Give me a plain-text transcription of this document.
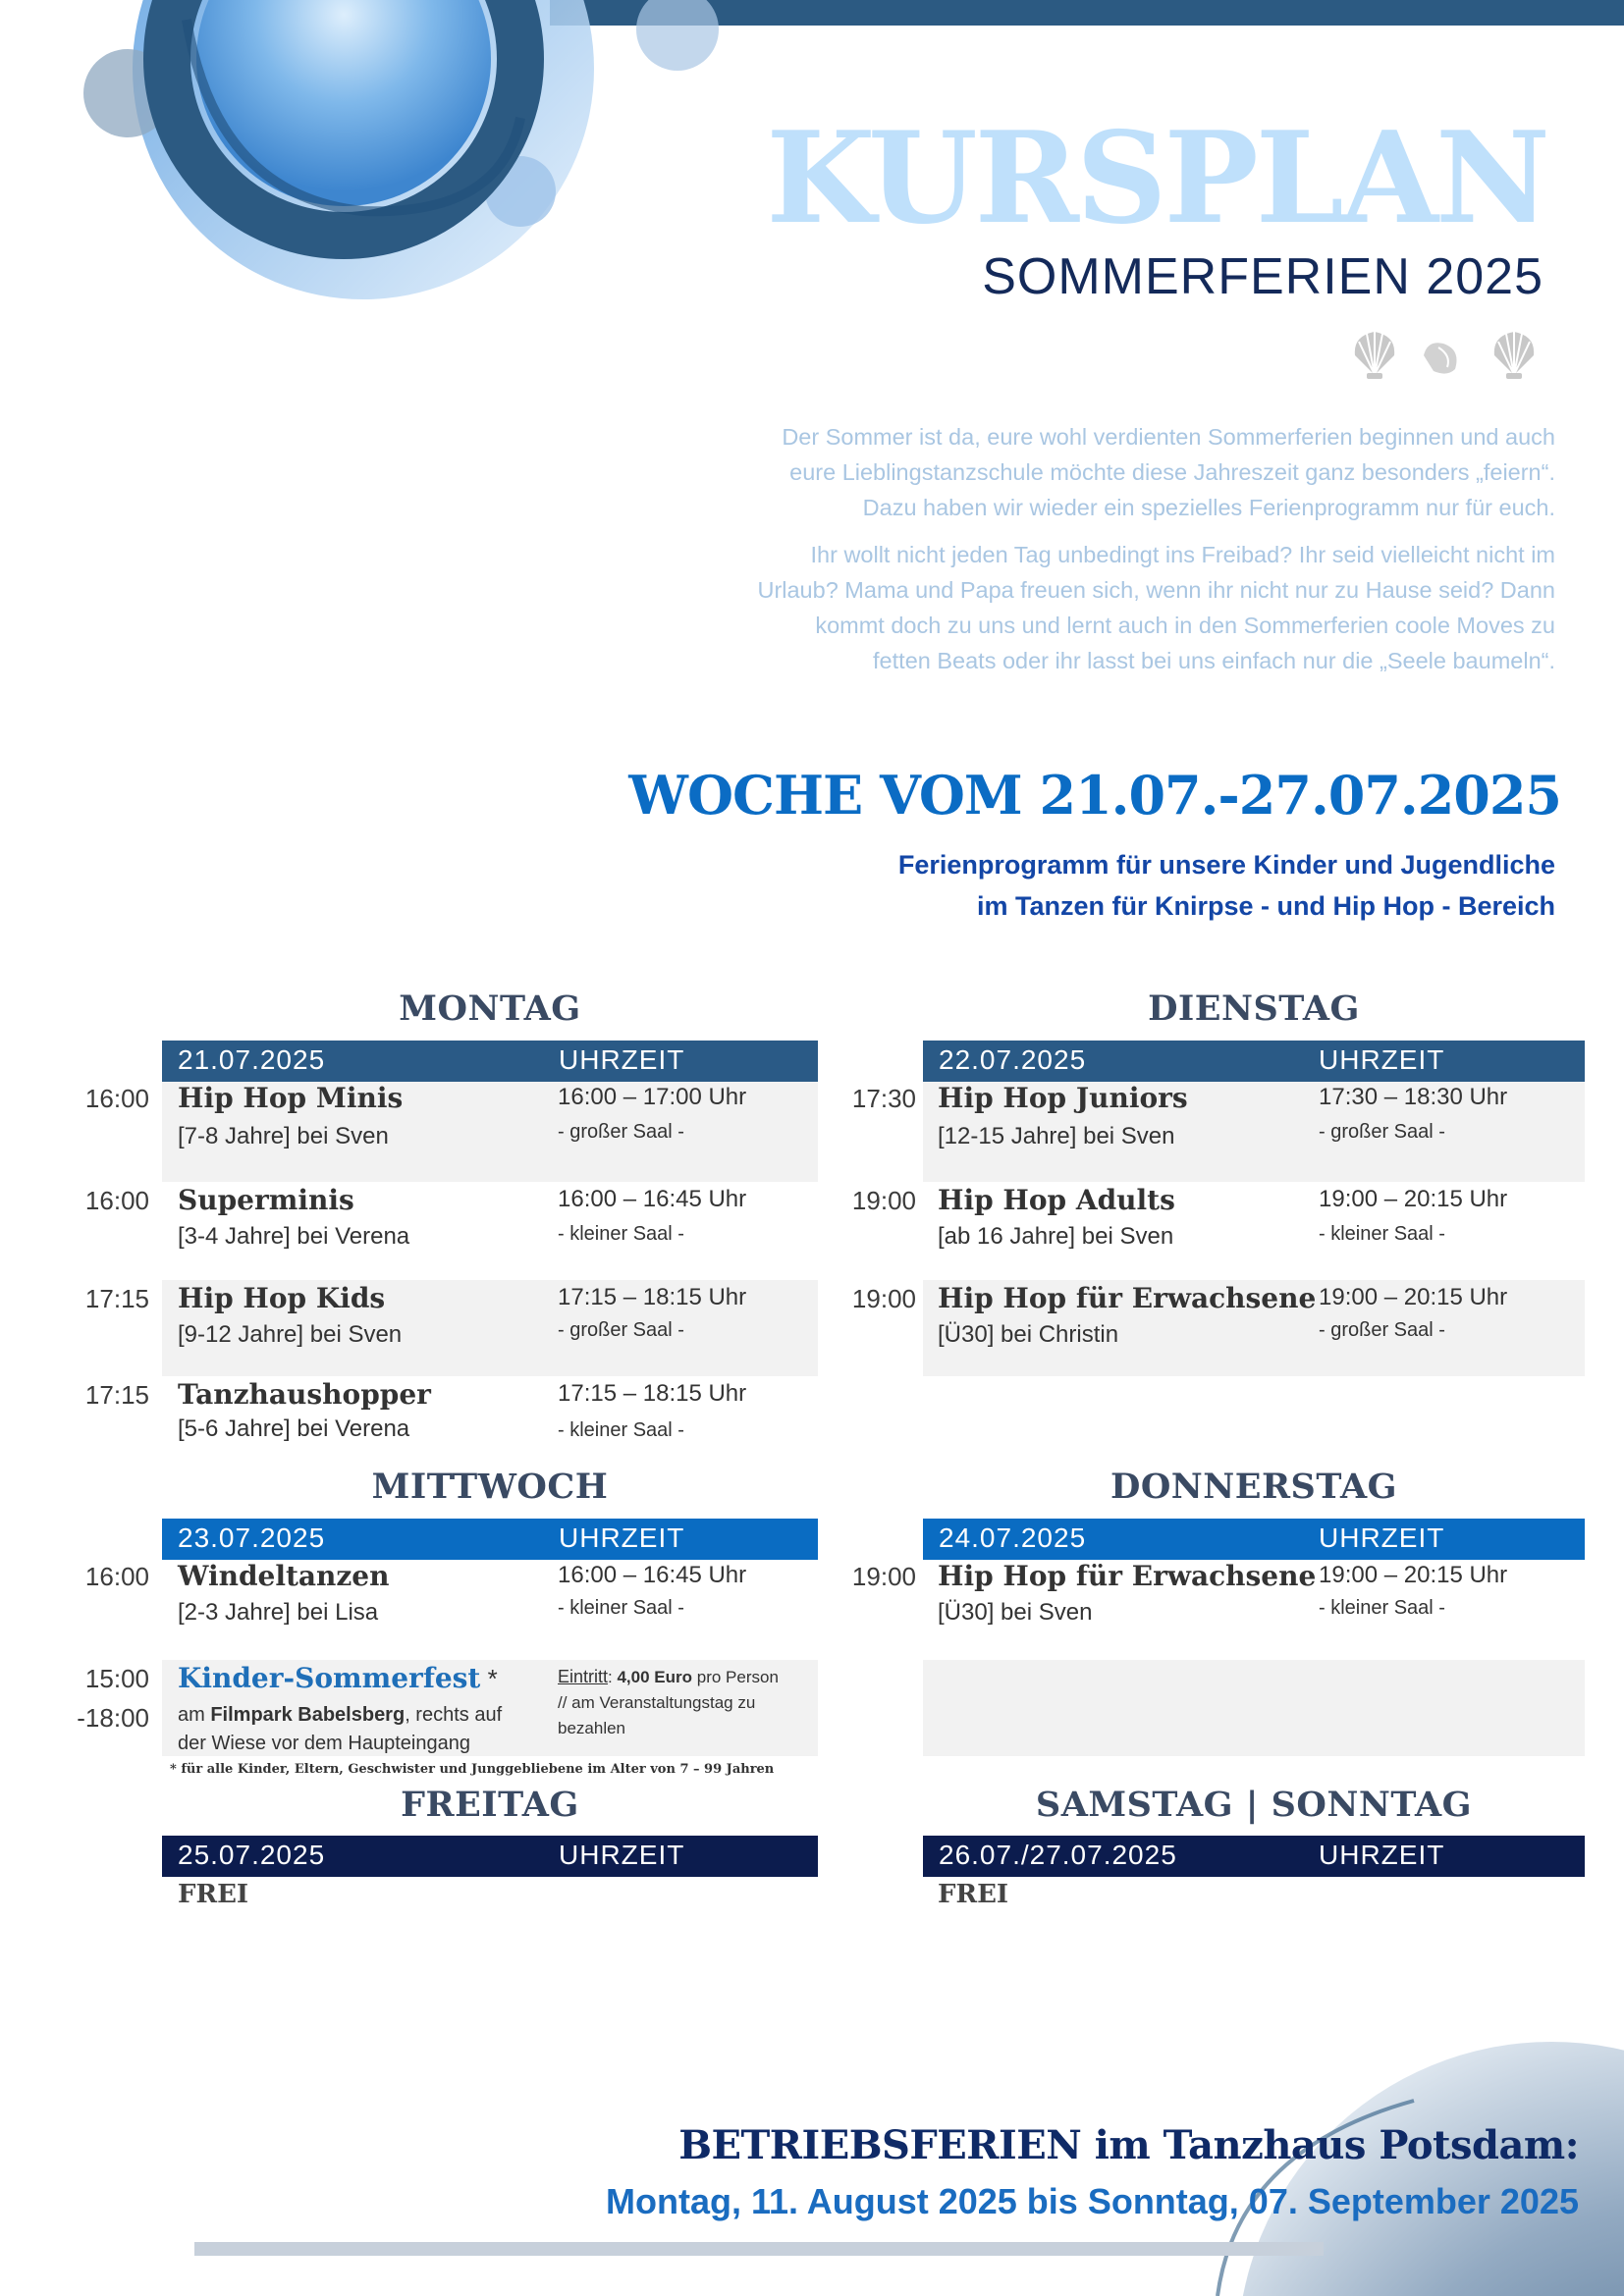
KURSPLAN
SOMMERFERIEN 2025
Der Sommer ist da, eure wohl verdienten Sommerferien beginnen und auch
eure Lieblingstanzschule möchte diese Jahreszeit ganz besonders „feiern“.
Dazu haben wir wieder ein spezielles Ferienprogramm nur für euch.
Ihr wollt nicht jeden Tag unbedingt ins Freibad? Ihr seid vielleicht nicht im
Urlaub? Mama und Papa freuen sich, wenn ihr nicht nur zu Hause seid? Dann
kommt doch zu uns und lernt auch in den Sommerferien coole Moves zu
fetten Beats oder ihr lasst bei uns einfach nur die „Seele baumeln“.
WOCHE VOM 21.07.-27.07.2025
Ferienprogramm für unsere Kinder und Jugendliche
im Tanzen für Knirpse - und Hip Hop - Bereich
MONTAG
21.07.2025	UHRZEIT
16:00 Hip Hop Minis
[7-8 Jahre] bei Sven
16:00 – 17:00 Uhr
- großer Saal -
16:00 Superminis
[3-4 Jahre] bei Verena
16:00 – 16:45 Uhr
- kleiner Saal -
17:15 Hip Hop Kids
[9-12 Jahre] bei Sven
17:15 – 18:15 Uhr
- großer Saal -
17:15 Tanzhaushopper
[5-6 Jahre] bei Verena
17:15 – 18:15 Uhr
- kleiner Saal -
DIENSTAG
22.07.2025	UHRZEIT
17:30 Hip Hop Juniors
[12-15 Jahre] bei Sven
17:30 – 18:30 Uhr
- großer Saal -
19:00 Hip Hop Adults
[ab 16 Jahre] bei Sven
19:00 – 20:15 Uhr
- kleiner Saal -
19:00 Hip Hop für Erwachsene
[Ü30] bei Christin
19:00 – 20:15 Uhr
- großer Saal -
MITTWOCH
23.07.2025	UHRZEIT
16:00 Windeltanzen
[2-3 Jahre] bei Lisa
16:00 – 16:45 Uhr
- kleiner Saal -
15:00
-18:00
Kinder-Sommerfest *
am Filmpark Babelsberg, rechts auf
der Wiese vor dem Haupteingang
Eintritt: 4,00 Euro pro Person
// am Veranstaltungstag zu
bezahlen
* für alle Kinder, Eltern, Geschwister und Junggebliebene im Alter von 7 – 99 Jahren
DONNERSTAG
24.07.2025	UHRZEIT
19:00 Hip Hop für Erwachsene
[Ü30] bei Sven
19:00 – 20:15 Uhr
- kleiner Saal -
FREITAG
25.07.2025	UHRZEIT
FREI
SAMSTAG | SONNTAG
26.07./27.07.2025	UHRZEIT
FREI
BETRIEBSFERIEN im Tanzhaus Potsdam:
Montag, 11. August 2025 bis Sonntag, 07. September 2025
